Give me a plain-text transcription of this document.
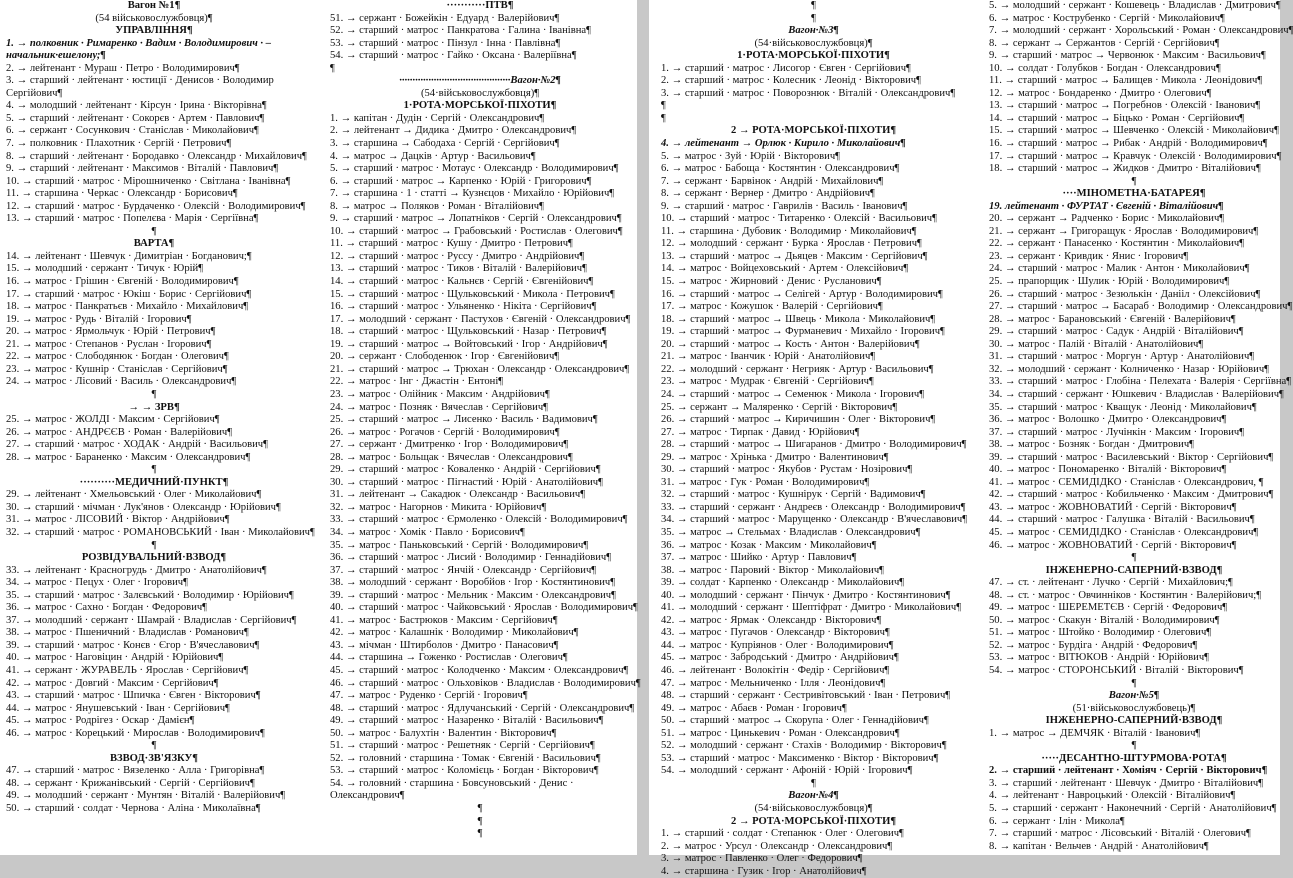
Вагон №1¶
(54 військовослужбовця)¶
УПРАВЛІННЯ¶
1. → полковник · Римаренко · Вадим · Володимирович · –
начальник·ешелону;¶
2. → лейтенант · Мураш · Петро · Володимирович¶
3. → старший · лейтенант · юстиції · Денисов · Володимир
Сергійович¶
4. → молодший · лейтенант · Кірсун · Ірина · Вікторівна¶
5. → старший · лейтенант · Сокорєв · Артем · Павлович¶
6. → сержант · Сосункович · Станіслав · Миколайович¶
7. → полковник · Плахотник · Сергій · Петрович¶
8. → старший · лейтенант · Бородавко · Олександр · Михайлович¶
9. → старший · лейтенант · Максимов · Віталій · Павлович¶
10. → старший · матрос · Мірошниченко · Світлана · Іванівна¶
11. → старшина · Черкас · Олександр · Борисович¶
12. → старший · матрос · Бурдаченко · Олексій · Володимирович¶
13. → старший · матрос · Попелєва · Марія · Сергіївна¶
¶
ВАРТА¶
14. → лейтенант · Шевчук · Димитріан · Богданович;¶
15. → молодший · сержант · Тичук · Юрій¶
16. → матрос · Грішин · Євгеній · Володимирович¶
17. → старший · матрос · Юкіш · Борис · Сергійович¶
18. → матрос · Панкратьєв · Михайло · Михайлович¶
19. → матрос · Рудь · Віталій · Ігорович¶
20. → матрос · Ярмольчук · Юрій · Петрович¶
21. → матрос · Степанов · Руслан · Ігорович¶
22. → матрос · Слободянюк · Богдан · Олегович¶
23. → матрос · Кушнір · Станіслав · Сергійович¶
24. → матрос · Лісовий · Василь · Олександрович¶
¶
→ → ЗРВ¶
25. → матрос · ЖОЛДІ · Максим · Сергійович¶
26. → матрос · АНДРЄЄВ · Роман · Валерійович¶
27. → старший · матрос · ХОДАК · Андрій · Васильович¶
28. → матрос · Бараненко · Максим · Олександрович¶
¶
··········МЕДИЧНИЙ·ПУНКТ¶
29. → лейтенант · Хмельовський · Олег · Миколайович¶
30. → старший · мічман · Лук'янов · Олександр · Юрійович¶
31. → матрос · ЛІСОВИЙ · Віктор · Андрійович¶
32. → старший · матрос · РОМАНОВСЬКИЙ · Іван · Миколайович¶
¶
РОЗВІДУВАЛЬНИЙ·ВЗВОД¶
33. → лейтенант · Красногрудь · Дмитро · Анатолійович¶
34. → матрос · Пецух · Олег · Ігорович¶
35. → старший · матрос · Залєвський · Володимир · Юрійович¶
36. → матрос · Сахно · Богдан · Федорович¶
37. → молодший · сержант · Шамрай · Владислав · Сергійович¶
38. → матрос · Пшеничний · Владислав · Романович¶
39. → старший · матрос · Конєв · Єгор · В'ячеславович¶
40. → матрос · Наговіцин · Андрій · Юрійович¶
41. → сержант · ЖУРАВЕЛЬ · Ярослав · Сергійович¶
42. → матрос · Довгий · Максим · Сергійович¶
43. → старший · матрос · Шпичка · Євген · Вікторович¶
44. → матрос · Янушевський · Іван · Сергійович¶
45. → матрос · Родрігез · Оскар · Дамієн¶
46. → матрос · Корецький · Мирослав · Володимирович¶
¶
ВЗВОД·ЗВ'ЯЗКУ¶
47. → старший · матрос · Вязеленко · Алла · Григорівна¶
48. → сержант · Крижанівський · Сергій · Сергійович¶
49. → молодший · сержант · Мунтян · Віталій · Валерійович¶
50. → старший · солдат · Чернова · Аліна · Миколаївна¶
···········ПТВ¶
51. → сержант · Божейкін · Едуард · Валерійович¶
52. → старший · матрос · Панкратова · Галина · Іванівна¶
53. → старший · матрос · Пінзул · Інна · Павлівна¶
54. → старший · матрос · Гайко · Оксана · Валеріївна¶
¶
··········································Вагон·№2¶
(54·військовослужбовця)¶
1·РОТА·МОРСЬКОЇ·ПІХОТИ¶
1. → капітан · Дудін · Сергій · Олександрович¶
2. → лейтенант → Дидика · Дмитро · Олександрович¶
3. → старшина → Сабодаха · Сергій · Сергійович¶
4. → матрос → Дацків · Артур · Васильович¶
5. → старший · матрос · Мотаус · Олександр · Володимирович¶
6. → старший · матрос → Карпенко · Юрій · Григорович¶
7. → старшина · 1 · статті → Кузнєцов · Михайло · Юрійович¶
8. → матрос → Поляков · Роман · Віталійович¶
9. → старший · матрос → Лопатніков · Сергій · Олександрович¶
10. → старший · матрос → Грабовський · Ростислав · Олегович¶
11. → старший · матрос · Кушу · Дмитро · Петрович¶
12. → старший · матрос · Руссу · Дмитро · Андрійович¶
13. → старший · матрос · Тиков · Віталій · Валерійович¶
14. → старший · матрос · Кальнєв · Сергій · Євгенійович¶
15. → старший · матрос · Щульковський · Микола · Петрович¶
16. → старший · матрос · Ульяненко · Нікіта · Сергійович¶
17. → молодший · сержант · Пастухов · Євгеній · Олександрович¶
18. → старший · матрос · Щульковський · Назар · Петрович¶
19. → старший · матрос → Войтовський · Ігор · Андрійович¶
20. → сержант · Слободенюк · Ігор · Євгенійович¶
21. → старший · матрос → Трюхан · Олександр · Олександрович¶
22. → матрос · Інг · Джастін · Ентоні¶
23. → матрос · Олійник · Максим · Андрійович¶
24. → матрос · Позняк · Вячеслав · Сергійович¶
25. → старший · матрос → Лисенко · Василь · Вадимович¶
26. → матрос · Рогачов · Сергій · Володимирович¶
27. → сержант · Дмитренко · Ігор · Володимирович¶
28. → матрос · Больщак · Вячеслав · Олександрович¶
29. → старший · матрос · Коваленко · Андрій · Сергійович¶
30. → старший · матрос · Пігнастий · Юрій · Анатолійович¶
31. → лейтенант → Сакадюк · Олександр · Васильович¶
32. → матрос · Нагорнов · Микита · Юрійович¶
33. → старший · матрос · Єрмоленко · Олексій · Володимирович¶
34. → матрос · Хомік · Павло · Борисович¶
35. → матрос · Паньковський · Сергій · Володимирович¶
36. → старший · матрос · Лисий · Володимир · Геннадійович¶
37. → старший · матрос · Янчій · Олександр · Сергійович¶
38. → молодший · сержант · Воробйов · Ігор · Костянтинович¶
39. → старший · матрос · Мельник · Максим · Олександрович¶
40. → старший · матрос · Чайковський · Ярослав · Володимирович¶
41. → матрос · Бастрюков · Максим · Сергійович¶
42. → матрос · Калашнік · Володимир · Миколайович¶
43. → мічман · Штирболов · Дмитро · Панасович¶
44. → старшина → Гоженко · Ростислав · Олегович¶
45. → старший · матрос · Колодченко · Максим · Олександрович¶
46. → старший · матрос · Ольховіков · Владислав · Володимирович¶
47. → матрос · Руденко · Сергій · Ігорович¶
48. → старший · матрос · Ядлучанський · Сергій · Олександрович¶
49. → старший · матрос · Назаренко · Віталій · Васильович¶
50. → матрос · Балухтін · Валентин · Вікторович¶
51. → старший · матрос · Решетняк · Сергій · Сергійович¶
52. → головний · старшина · Томак · Євгеній · Васильович¶
53. → старший · матрос · Коломієць · Богдан · Вікторович¶
54. → головний · старшина · Бовсуновський · Денис ·
Олександрович¶
¶
¶
¶
¶
¶
Вагон·№3¶
(54·військовослужбовця)¶
1·РОТА·МОРСЬКОЇ·ПІХОТИ¶
1. → старший · матрос · Лисогор · Євген · Сергійович¶
2. → старший · матрос · Колесник · Леонід · Вікторович¶
3. → старший · матрос · Поворознюк · Віталій · Олександрович¶
¶
¶
2 → РОТА·МОРСЬКОЇ·ПІХОТИ¶
4. → лейтенант → Орлюк · Кирило · Миколайович¶
5. → матрос · Зуй · Юрій · Вікторович¶
6. → матрос · Бабоща · Костянтин · Олександрович¶
7. → сержант · Барвінок · Андрій · Михайлович¶
8. → сержант · Вернер · Дмитро · Андрійович¶
9. → старший · матрос · Гаврилів · Василь · Іванович¶
10. → старший · матрос · Титаренко · Олексій · Васильович¶
11. → старшина · Дубовик · Володимир · Миколайович¶
12. → молодший · сержант · Бурка · Ярослав · Петрович¶
13. → старший · матрос → Дьяцев · Максим · Сергійович¶
14. → матрос · Войцеховський · Артем · Олексійович¶
15. → матрос · Жирновий · Денис · Русланович¶
16. → старший · матрос → Селігей · Артур · Володимирович¶
17. → матрос · Кожушок · Валерій · Сергійович¶
18. → старший · матрос → Швець · Микола · Миколайович¶
19. → старший · матрос → Фурманевич · Михайло · Ігорович¶
20. → старший · матрос → Кость · Антон · Валерійович¶
21. → матрос · Іванчик · Юрій · Анатолійович¶
22. → молодший · сержант · Негрияк · Артур · Васильович¶
23. → матрос · Мудрак · Євгеній · Сергійович¶
24. → старший · матрос → Семенюк · Микола · Ігорович¶
25. → сержант → Маляренко · Сергій · Вікторович¶
26. → старший · матрос → Киричишин · Олег · Вікторович¶
27. → матрос · Тирпак · Давид · Юрійович¶
28. → старший · матрос → Шигаранов · Дмитро · Володимирович¶
29. → матрос · Хрінька · Дмитро · Валентинович¶
30. → старший · матрос · Якубов · Рустам · Нозірович¶
31. → матрос · Гук · Роман · Володимирович¶
32. → старший · матрос · Кушнірук · Сергій · Вадимович¶
33. → старший · сержант · Андреєв · Олександр · Володимирович¶
34. → старший · матрос · Марущенко · Олександр · В'ячеславович¶
35. → матрос → Стельмах · Владислав · Олександрович¶
36. → матрос · Козак · Максим · Миколайович¶
37. → матрос · Шийко · Артур · Павлович¶
38. → матрос · Паровий · Віктор · Миколайович¶
39. → солдат · Карпенко · Олександр · Миколайович¶
40. → молодший · сержант · Пінчук · Дмитро · Костянтинович¶
41. → молодший · сержант · Шептіфрат · Дмитро · Миколайович¶
42. → матрос · Ярмак · Олександр · Вікторович¶
43. → матрос · Пугачов · Олександр · Вікторович¶
44. → матрос · Купріянов · Олег · Володимирович¶
45. → матрос · Забродський · Дмитро · Андрійович¶
46. → лейтенант · Волокітін · Федір · Сергійович¶
47. → матрос · Мельниченко · Ілля · Леонідович¶
48. → старший · сержант · Сестривітовський · Іван · Петрович¶
49. → матрос · Абаєв · Роман · Ігорович¶
50. → старший · матрос → Скорупа · Олег · Геннадійович¶
51. → матрос · Цинькевич · Роман · Олександрович¶
52. → молодший · сержант · Стахів · Володимир · Вікторович¶
53. → старший · матрос · Максименко · Віктор · Вікторович¶
54. → молодший · сержант · Афоній · Юрій · Ігорович¶
¶
Вагон·№4¶
(54·військовослужбовця)¶
2 → РОТА·МОРСЬКОЇ·ПІХОТИ¶
1. → старший · солдат · Степанюк · Олег · Олегович¶
2. → матрос · Урсул · Олександр · Олександрович¶
3. → матрос · Павленко · Олег · Федорович¶
4. → старшина · Гузик · Ігор · Анатолійович¶
5. → молодший · сержант · Кошевець · Владислав · Дмитрович¶
6. → матрос · Кострубенко · Сергій · Миколайович¶
7. → молодший · сержант · Хорольський · Роман · Олександрович¶
8. → сержант → Сержантов · Сергій · Сергійович¶
9. → старший · матрос → Червонюк · Максим · Васильович¶
10. → солдат · Голубков · Богдан · Олександрович¶
11. → старший · матрос → Балищев · Микола · Леонідович¶
12. → матрос · Бондаренко · Дмитро · Олегович¶
13. → старший · матрос → Погребнов · Олексій · Іванович¶
14. → старший · матрос → Біцько · Роман · Сергійович¶
15. → старший · матрос → Шевченко · Олексій · Миколайович¶
16. → старший · матрос → Рибак · Андрій · Володимирович¶
17. → старший · матрос → Кравчук · Олексій · Володимирович¶
18. → старший · матрос → Жидков · Дмитро · Віталійович¶
¶
····МІНОМЕТНА·БАТАРЕЯ¶
19. лейтенант · ФУРТАТ · Євгеній · Віталійович¶
20. → сержант → Радченко · Борис · Миколайович¶
21. → сержант → Григоращук · Ярослав · Володимирович¶
22. → сержант · Панасенко · Костянтин · Миколайович¶
23. → сержант · Кривдик · Янис · Ігорович¶
24. → старший · матрос · Малик · Антон · Миколайович¶
25. → прапорщик · Шулик · Юрій · Володимирович¶
26. → старший · матрос · Зезюлькін · Данііл · Олексійович¶
27. → старший · матрос → Басараб · Володимир · Олександрович¶
28. → матрос · Барановський · Євгеній · Валерійович¶
29. → старший · матрос · Садук · Андрій · Віталійович¶
30. → матрос · Палій · Віталій · Анатолійович¶
31. → старший · матрос · Моргун · Артур · Анатолійович¶
32. → молодший · сержант · Колниченко · Назар · Юрійович¶
33. → старший · матрос · Глобіна · Пелехата · Валерія · Сергіївна¶
34. → старший · сержант · Юшкевич · Владислав · Валерійович¶
35. → старший · матрос · Кващук · Леонід · Миколайович¶
36. → матрос · Волошко · Дмитро · Олександрович¶
37. → старший · матрос · Лучінкін · Максим · Ігорович¶
38. → матрос · Бозняк · Богдан · Дмитрович¶
39. → старший · матрос · Василевський · Віктор · Сергійович¶
40. → матрос · Пономаренко · Віталій · Вікторович¶
41. → матрос · СЕМИДІДКО · Станіслав · Олександрович, ¶
42. → старший · матрос · Кобильченко · Максим · Дмитрович¶
43. → матрос · ЖОВНОВАТИЙ · Сергій · Вікторович¶
44. → старший · матрос · Галушка · Віталій · Васильович¶
45. → матрос · СЕМИДІДКО · Станіслав · Олександрович¶
46. → матрос · ЖОВНОВАТИЙ · Сергій · Вікторович¶
¶
ІНЖЕНЕРНО-САПЕРНИЙ·ВЗВОД¶
47. → ст. · лейтенант · Лучко · Сергій · Михайлович;¶
48. → ст. · матрос · Овчинніков · Костянтин · Валерійович;¶
49. → матрос · ШЕРЕМЕТЄВ · Сергій · Федорович¶
50. → матрос · Скакун · Віталій · Володимирович¶
51. → матрос · Штойко · Володимир · Олегович¶
52. → матрос · Бурдіга · Андрій · Федорович¶
53. → матрос · ВІТЮКОВ · Андрій · Юрійович¶
54. → матрос · СТОРОНСЬКИЙ · Віталій · Вікторович¶
¶
Вагон·№5¶
(51·військовослужбовець)¶
ІНЖЕНЕРНО-САПЕРНИЙ·ВЗВОД¶
1. → матрос → ДЕМЧЯК · Віталій · Іванович¶
¶
·····ДЕСАНТНО-ШТУРМОВА·РОТА¶
2. → старший · лейтенант · Хоміяч · Сергій · Вікторович¶
3. → старший · лейтенант · Шевчук · Дмитро · Віталійович¶
4. → лейтенант · Навроцький · Олексій · Віталійович¶
5. → старший · сержант · Наконечний · Сергій · Анатолійович¶
6. → сержант · Ілін · Микола¶
7. → старший · матрос · Лісовський · Віталій · Олегович¶
8. → капітан · Вельчев · Андрій · Анатолійович¶
